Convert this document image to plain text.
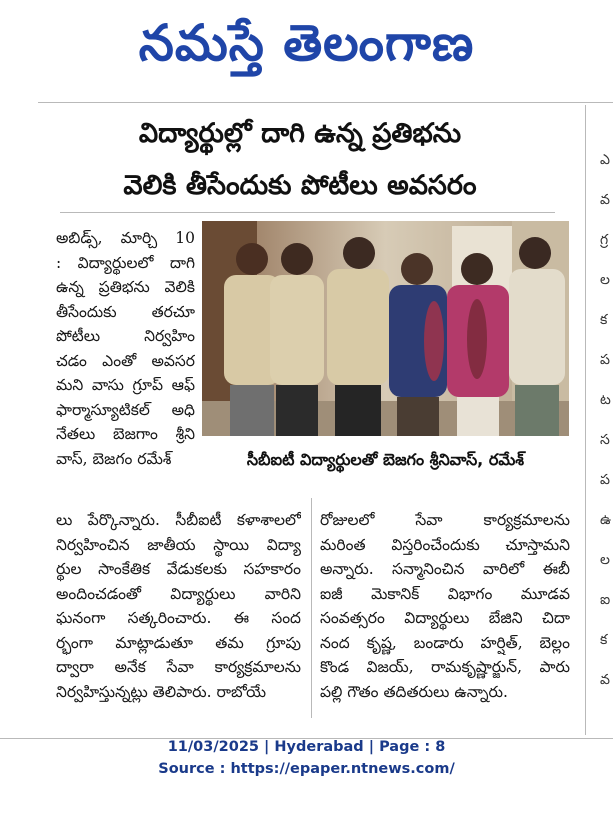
నమస్తే తెలంగాణ
విద్యార్థుల్లో దాగి ఉన్న ప్రతిభను
వెలికి తీసేందుకు పోటీలు అవసరం
అబిడ్స్, మార్చి 10
: విద్యార్థులలో దాగి
ఉన్న ప్రతిభను వెలికి
తీసేందుకు తరచూ
పోటీలు నిర్వహిం
చడం ఎంతో అవసర
మని వాసు గ్రూప్ ఆఫ్
ఫార్మాస్యూటికల్ అధి
నేతలు బెజగాం శ్రీని
వాస్, బెజగం రమేశ్	సీబీఐటీ విద్యార్థులతో బెజగం శ్రీనివాస్, రమేశ్
లు పేర్కొన్నారు. సీబీఐటీ కళాశాలలో
నిర్వహించిన జాతీయ స్థాయి విద్యా
ర్థుల సాంకేతిక వేడుకలకు సహకారం
అందించడంతో విద్యార్థులు వారిని
ఘనంగా సత్కరించారు. ఈ సంద
ర్భంగా మాట్లాడుతూ తమ గ్రూపు
ద్వారా అనేక సేవా కార్యక్రమాలను
నిర్వహిస్తున్నట్లు తెలిపారు. రాబోయే
రోజులలో సేవా కార్యక్రమాలను
మరింత విస్తరించేందుకు చూస్తామని
అన్నారు. సన్మానించిన వారిలో ఈబీ
ఐజీ మెకానిక్ విభాగం మూడవ
సంవత్సరం విద్యార్థులు బేజిని చిదా
నంద కృష్ణ, బండారు హర్షిత్, బెల్లం
కొండ విజయ్, రామకృష్ణార్జున్, పారు
పల్లి గౌతం తదితరులు ఉన్నారు.
ఎ
వ
గ్ర
ల
క
ప
ట
స
ప
ఉ
ల
ఐ
క
వ
11/03/2025 | Hyderabad | Page : 8
Source : https://epaper.ntnews.com/
